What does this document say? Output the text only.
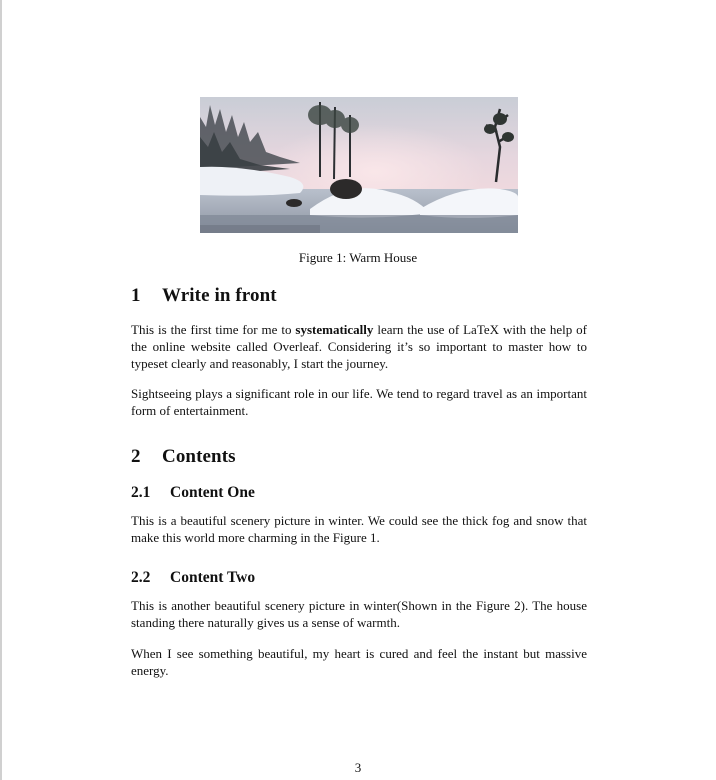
Figure 1: Warm House
1 Write in front
This is the first time for me to systematically learn the use of LaTeX with the help of the online website called Overleaf. Considering it’s so important to master how to typeset clearly and reasonably, I start the journey.
Sightseeing plays a significant role in our life. We tend to regard travel as an important form of entertainment.
2 Contents
2.1 Content One
This is a beautiful scenery picture in winter. We could see the thick fog and snow that make this world more charming in the Figure 1.
2.2 Content Two
This is another beautiful scenery picture in winter(Shown in the Figure 2). The house standing there naturally gives us a sense of warmth.
When I see something beautiful, my heart is cured and feel the instant but massive energy.
3
